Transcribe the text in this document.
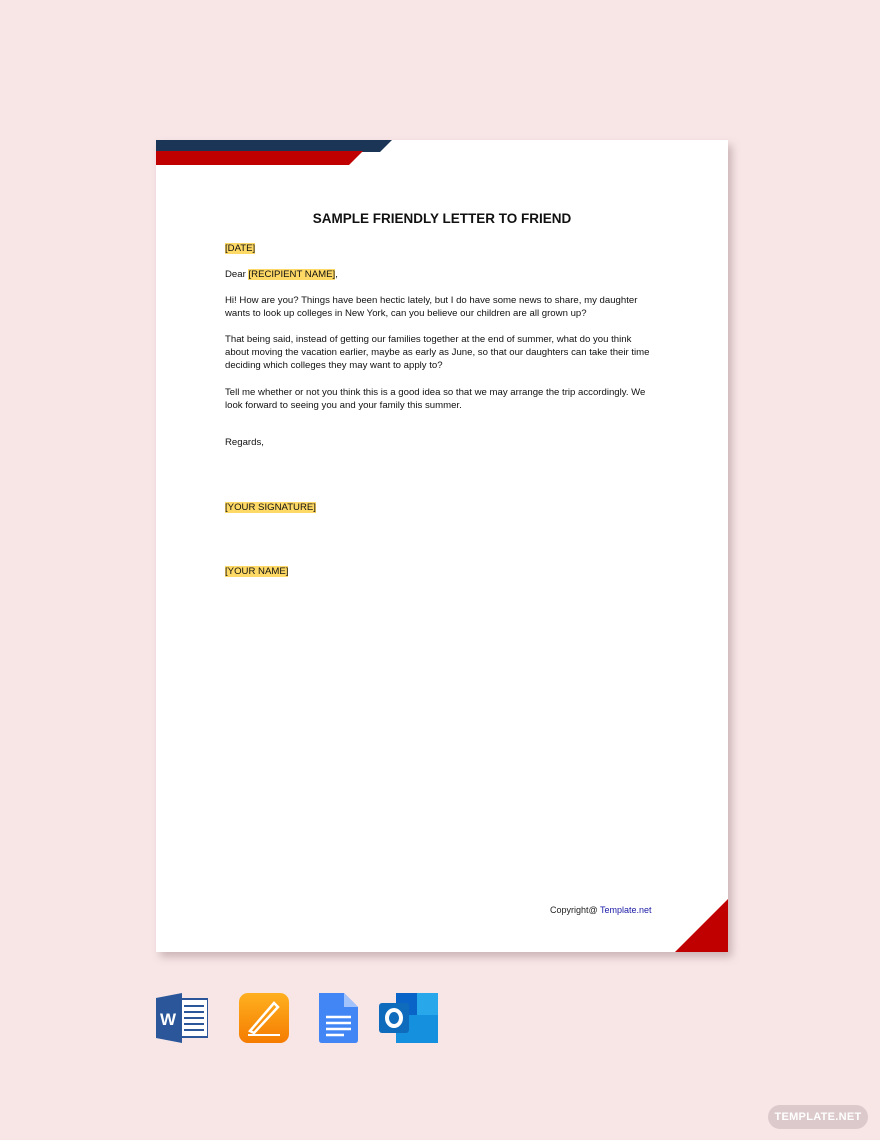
SAMPLE FRIENDLY LETTER TO FRIEND
[DATE]
Dear [RECIPIENT NAME],
Hi! How are you? Things have been hectic lately, but I do have some news to share, my daughter
wants to look up colleges in New York, can you believe our children are all grown up?
That being said, instead of getting our families together at the end of summer, what do you think
about moving the vacation earlier, maybe as early as June, so that our daughters can take their time
deciding which colleges they may want to apply to?
Tell me whether or not you think this is a good idea so that we may arrange the trip accordingly. We
look forward to seeing you and your family this summer.
Regards,
[YOUR SIGNATURE]
[YOUR NAME]
Copyright@ Template.net
W
TEMPLATE.NET
